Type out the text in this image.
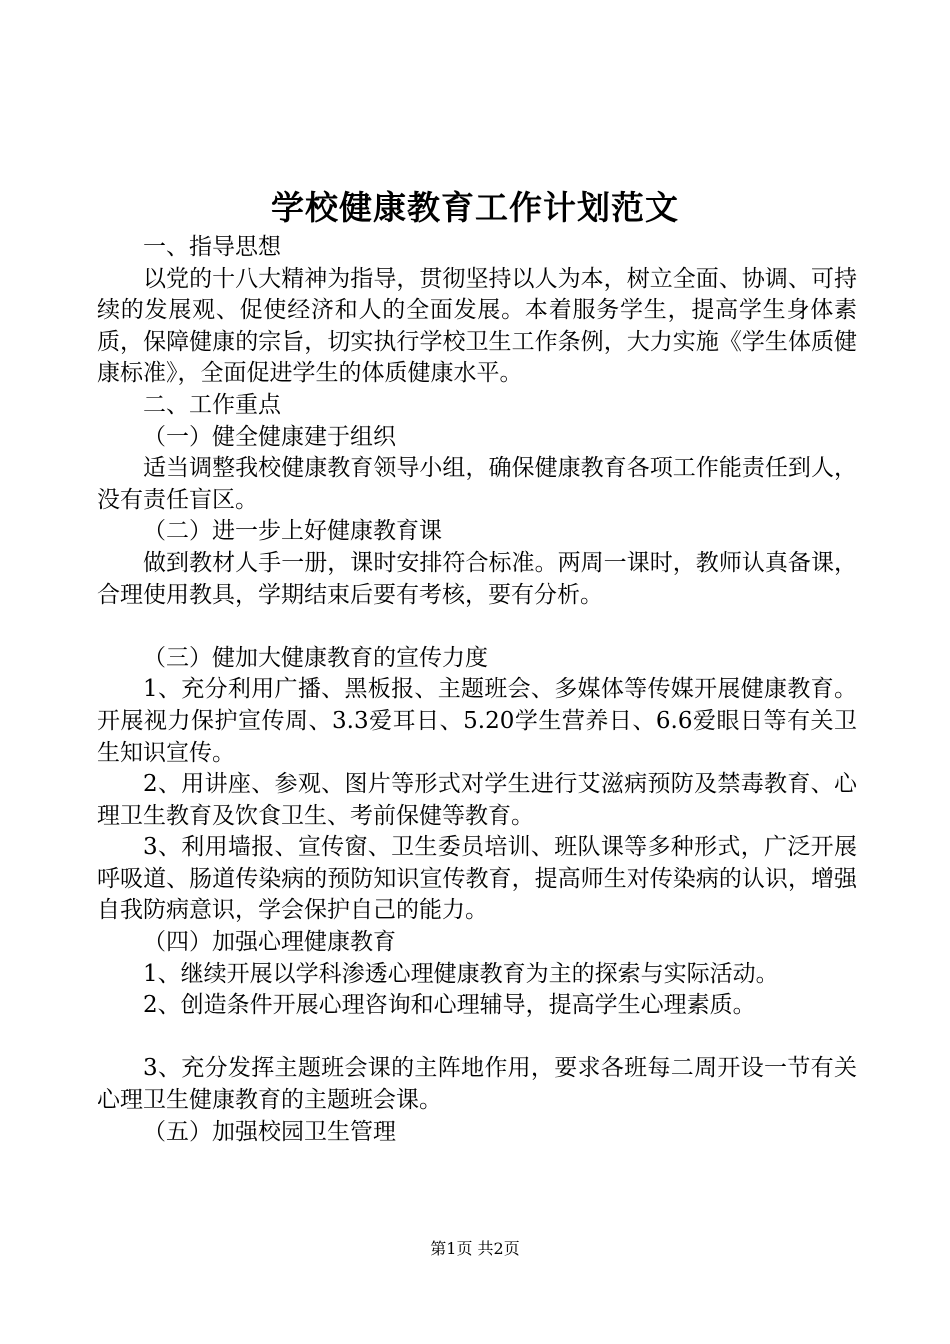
学校健康教育工作计划范文

一、指导思想

以党的十八大精神为指导，贯彻坚持以人为本，树立全面、协调、可持续的发展观、促使经济和人的全面发展。本着服务学生，提高学生身体素质，保障健康的宗旨，切实执行学校卫生工作条例，大力实施《学生体质健康标准》，全面促进学生的体质健康水平。

二、工作重点

（一）健全健康建于组织

适当调整我校健康教育领导小组，确保健康教育各项工作能责任到人，没有责任盲区。

（二）进一步上好健康教育课

做到教材人手一册，课时安排符合标准。两周一课时，教师认真备课，合理使用教具，学期结束后要有考核，要有分析。

（三）健加大健康教育的宣传力度

1、充分利用广播、黑板报、主题班会、多媒体等传媒开展健康教育。开展视力保护宣传周、3.3爱耳日、5.20学生营养日、6.6爱眼日等有关卫生知识宣传。

2、用讲座、参观、图片等形式对学生进行艾滋病预防及禁毒教育、心理卫生教育及饮食卫生、考前保健等教育。

3、利用墙报、宣传窗、卫生委员培训、班队课等多种形式，广泛开展呼吸道、肠道传染病的预防知识宣传教育，提高师生对传染病的认识，增强自我防病意识，学会保护自己的能力。

（四）加强心理健康教育

1、继续开展以学科渗透心理健康教育为主的探索与实际活动。

2、创造条件开展心理咨询和心理辅导，提高学生心理素质。

3、充分发挥主题班会课的主阵地作用，要求各班每二周开设一节有关心理卫生健康教育的主题班会课。

（五）加强校园卫生管理

第1页 共2页
